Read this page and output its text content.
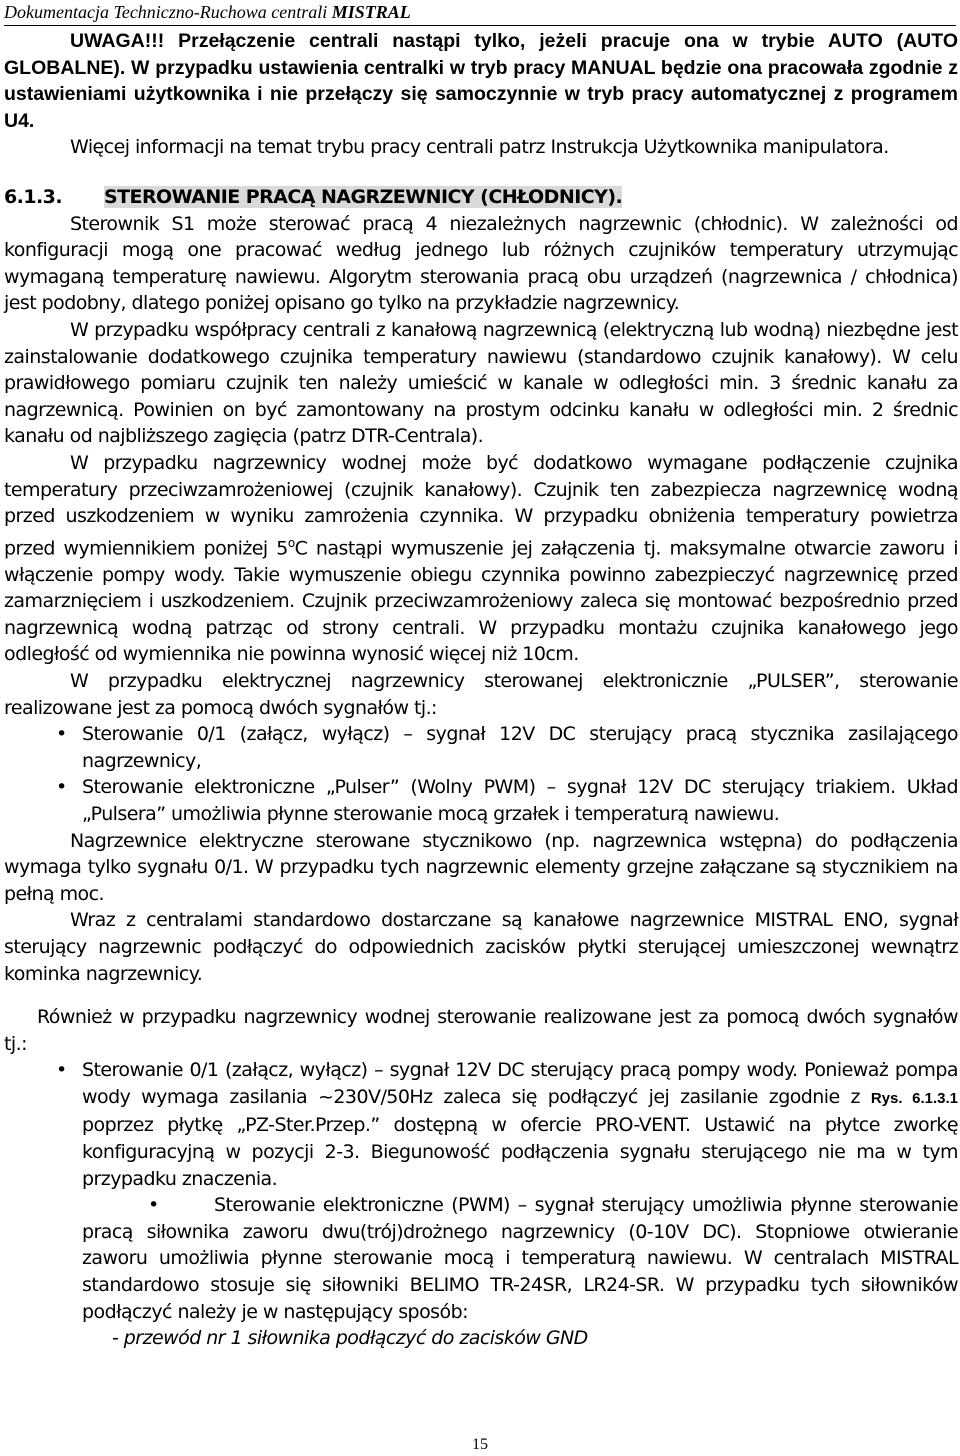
Dokumentacja Techniczno-Ruchowa centrali MISTRAL

UWAGA!!! Przełączenie centrali nastąpi tylko, jeżeli pracuje ona w trybie AUTO (AUTO GLOBALNE). W przypadku ustawienia centralki w tryb pracy MANUAL będzie ona pracowała zgodnie z ustawieniami użytkownika i nie przełączy się samoczynnie w tryb pracy automatycznej z programem U4.

Więcej informacji na temat trybu pracy centrali patrz Instrukcja Użytkownika manipulatora.

6.1.3. STEROWANIE PRACĄ NAGRZEWNICY (CHŁODNICY).

Sterownik S1 może sterować pracą 4 niezależnych nagrzewnic (chłodnic). W zależności od konfiguracji mogą one pracować według jednego lub różnych czujników temperatury utrzymując wymaganą temperaturę nawiewu. Algorytm sterowania pracą obu urządzeń (nagrzewnica / chłodnica) jest podobny, dlatego poniżej opisano go tylko na przykładzie nagrzewnicy.

W przypadku współpracy centrali z kanałową nagrzewnicą (elektryczną lub wodną) niezbędne jest zainstalowanie dodatkowego czujnika temperatury nawiewu (standardowo czujnik kanałowy). W celu prawidłowego pomiaru czujnik ten należy umieścić w kanale w odległości min. 3 średnic kanału za nagrzewnicą. Powinien on być zamontowany na prostym odcinku kanału w odległości min. 2 średnic kanału od najbliższego zagięcia (patrz DTR-Centrala).

W przypadku nagrzewnicy wodnej może być dodatkowo wymagane podłączenie czujnika temperatury przeciwzamrożeniowej (czujnik kanałowy). Czujnik ten zabezpiecza nagrzewnicę wodną przed uszkodzeniem w wyniku zamrożenia czynnika. W przypadku obniżenia temperatury powietrza przed wymiennikiem poniżej 5$^o$C nastąpi wymuszenie jej załączenia tj. maksymalne otwarcie zaworu i włączenie pompy wody. Takie wymuszenie obiegu czynnika powinno zabezpieczyć nagrzewnicę przed zamarznięciem i uszkodzeniem. Czujnik przeciwzamrożeniowy zaleca się montować bezpośrednio przed nagrzewnicą wodną patrząc od strony centrali. W przypadku montażu czujnika kanałowego jego odległość od wymiennika nie powinna wynosić więcej niż 10cm.

W przypadku elektrycznej nagrzewnicy sterowanej elektronicznie „PULSER”, sterowanie realizowane jest za pomocą dwóch sygnałów tj.:

• Sterowanie 0/1 (załącz, wyłącz) – sygnał 12V DC sterujący pracą stycznika zasilającego nagrzewnicy,
• Sterowanie elektroniczne „Pulser” (Wolny PWM) – sygnał 12V DC sterujący triakiem. Układ „Pulsera” umożliwia płynne sterowanie mocą grzałek i temperaturą nawiewu.

Nagrzewnice elektryczne sterowane stycznikowo (np. nagrzewnica wstępna) do podłączenia wymaga tylko sygnału 0/1. W przypadku tych nagrzewnic elementy grzejne załączane są stycznikiem na pełną moc.

Wraz z centralami standardowo dostarczane są kanałowe nagrzewnice MISTRAL ENO, sygnał sterujący nagrzewnic podłączyć do odpowiednich zacisków płytki sterującej umieszczonej wewnątrz kominka nagrzewnicy.

Również w przypadku nagrzewnicy wodnej sterowanie realizowane jest za pomocą dwóch sygnałów tj.:

• Sterowanie 0/1 (załącz, wyłącz) – sygnał 12V DC sterujący pracą pompy wody. Ponieważ pompa wody wymaga zasilania ~230V/50Hz zaleca się podłączyć jej zasilanie zgodnie z Rys. 6.1.3.1 poprzez płytkę „PZ-Ster.Przep.” dostępną w ofercie PRO-VENT. Ustawić na płytce zworkę konfiguracyjną w pozycji 2-3. Biegunowość podłączenia sygnału sterującego nie ma w tym przypadku znaczenia.

•	Sterowanie elektroniczne (PWM) – sygnał sterujący umożliwia płynne sterowanie pracą siłownika zaworu dwu(trój)drożnego nagrzewnicy (0-10V DC). Stopniowe otwieranie zaworu umożliwia płynne sterowanie mocą i temperaturą nawiewu. W centralach MISTRAL standardowo stosuje się siłowniki BELIMO TR-24SR, LR24-SR. W przypadku tych siłowników podłączyć należy je w następujący sposób:

- przewód nr 1 siłownika podłączyć do zacisków GND

15
